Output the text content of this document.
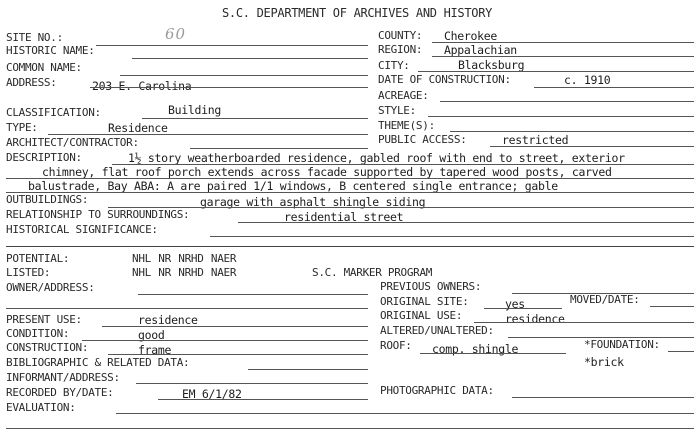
S.C. DEPARTMENT OF ARCHIVES AND HISTORY
SITE NO.:	60
HISTORIC NAME:
COMMON NAME:
ADDRESS:	203 E. Carolina
CLASSIFICATION:	Building
TYPE:	Residence
ARCHITECT/CONTRACTOR:
COUNTY: Cherokee
REGION: Appalachian
CITY:	Blacksburg
DATE OF CONSTRUCTION:	c. 1910
ACREAGE:
STYLE:
THEME(S):
PUBLIC ACCESS:	restricted
DESCRIPTION:	1½ story weatherboarded residence, gabled roof with end to street, exterior
chimney, flat roof porch extends across facade supported by tapered wood posts, carved
balustrade, Bay ABA: A are paired 1/1 windows, B centered single entrance; gable
OUTBUILDINGS:	garage with asphalt shingle siding
RELATIONSHIP TO SURROUNDINGS:	residential street
HISTORICAL SIGNIFICANCE:
POTENTIAL:	NHL NR NRHD NAER
LISTED:	NHL NR NRHD NAER	S.C. MARKER PROGRAM
OWNER/ADDRESS:	PREVIOUS OWNERS:
ORIGINAL SITE:	yes	MOVED/DATE:
PRESENT USE:	residence	ORIGINAL USE:	residence
CONDITION:	good	ALTERED/UNALTERED:
CONSTRUCTION:	frame	ROOF: comp. shingle	*FOUNDATION:
*brick
BIBLIOGRAPHIC & RELATED DATA:
INFORMANT/ADDRESS:
RECORDED BY/DATE:	EM 6/1/82	PHOTOGRAPHIC DATA:
EVALUATION:
